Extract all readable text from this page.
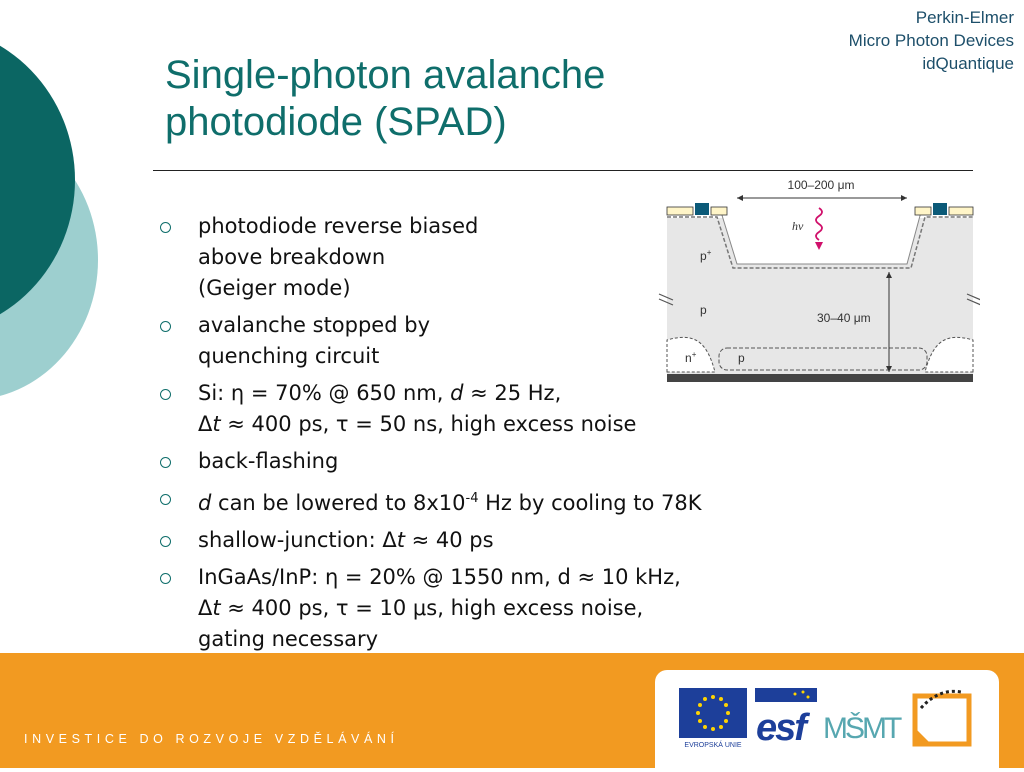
Single-photon avalanche
photodiode (SPAD)
Perkin-Elmer
Micro Photon Devices
idQuantique
photodiode reverse biased
above breakdown
(Geiger mode)
avalanche stopped by
quenching circuit
Si: η = 70% @ 650 nm, d ≈ 25 Hz,
Δt ≈ 400 ps, τ = 50 ns, high excess noise
back-flashing
d can be lowered to $8x10^{-4}$ Hz by cooling to 78K
shallow-junction: Δt ≈ 40 ps
InGaAs/InP: η = 20% @ 1550 nm, d ≈ 10 kHz,
Δt ≈ 400 ps, τ = 10 μs, high excess noise,
gating necessary
100–200 μm
hν
30–40 μm
p+
p
n+	p
INVESTICE DO ROZVOJE VZDĚLÁVÁNÍ	EVROPSKÁ UNIE esf MŠMT
